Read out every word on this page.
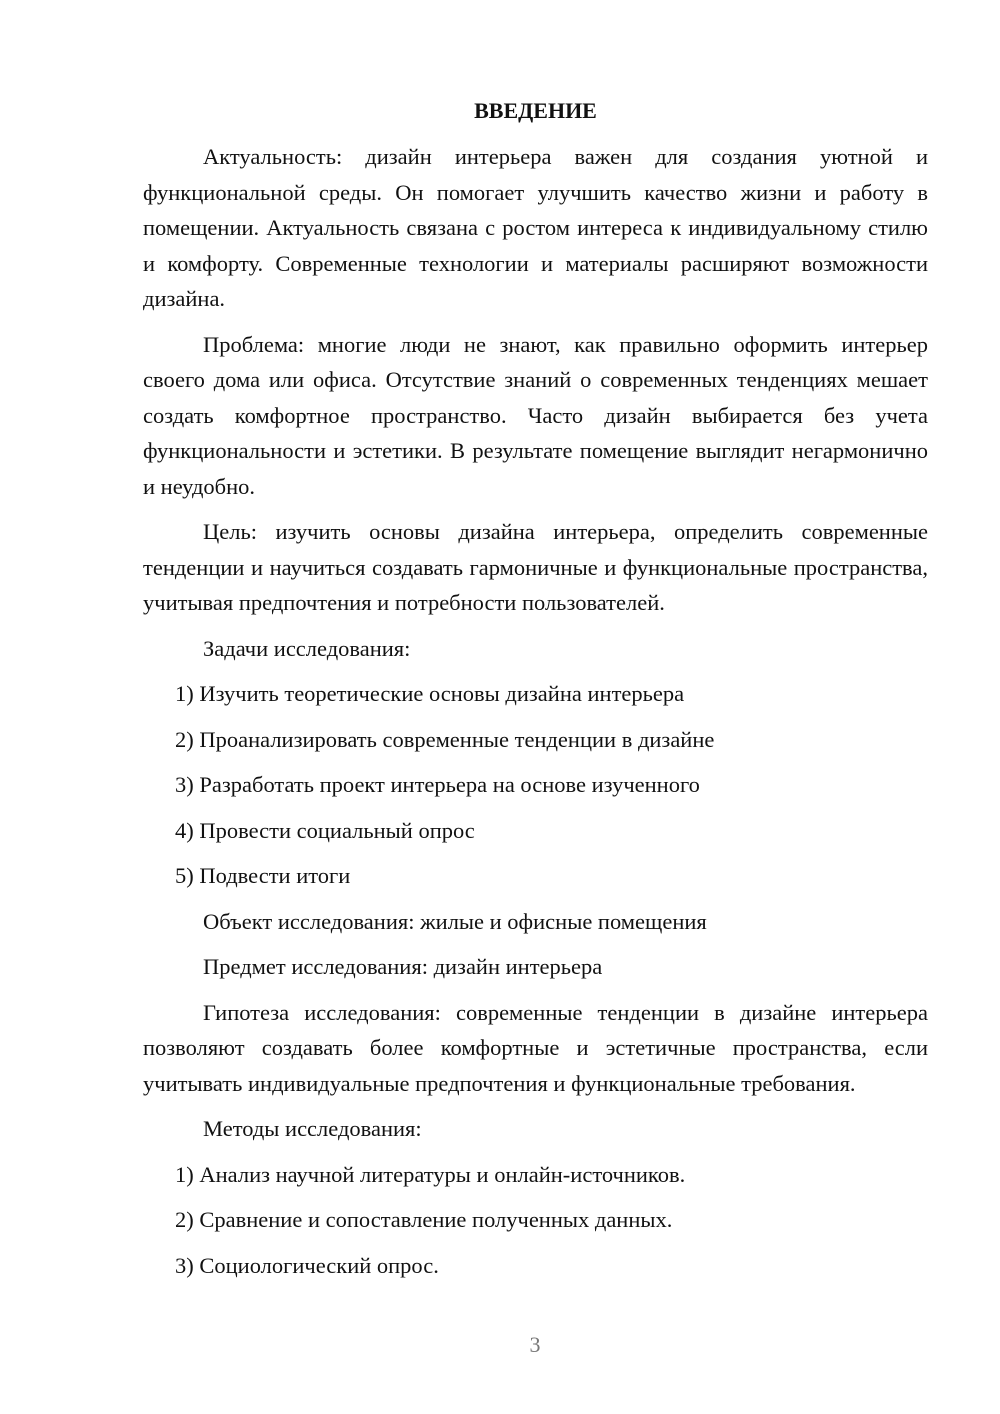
ВВЕДЕНИЕ

Актуальность: дизайн интерьера важен для создания уютной и функциональной среды. Он помогает улучшить качество жизни и работу в помещении. Актуальность связана с ростом интереса к индивидуальному стилю и комфорту. Современные технологии и материалы расширяют возможности дизайна.

Проблема: многие люди не знают, как правильно оформить интерьер своего дома или офиса. Отсутствие знаний о современных тенденциях мешает создать комфортное пространство. Часто дизайн выбирается без учета функциональности и эстетики. В результате помещение выглядит негармонично и неудобно.

Цель: изучить основы дизайна интерьера, определить современные тенденции и научиться создавать гармоничные и функциональные пространства, учитывая предпочтения и потребности пользователей.

Задачи исследования:
1) Изучить теоретические основы дизайна интерьера
2) Проанализировать современные тенденции в дизайне
3) Разработать проект интерьера на основе изученного
4) Провести социальный опрос
5) Подвести итоги
Объект исследования: жилые и офисные помещения
Предмет исследования: дизайн интерьера

Гипотеза исследования: современные тенденции в дизайне интерьера позволяют создавать более комфортные и эстетичные пространства, если учитывать индивидуальные предпочтения и функциональные требования.

Методы исследования:
1) Анализ научной литературы и онлайн-источников.
2) Сравнение и сопоставление полученных данных.
3) Социологический опрос.
3
